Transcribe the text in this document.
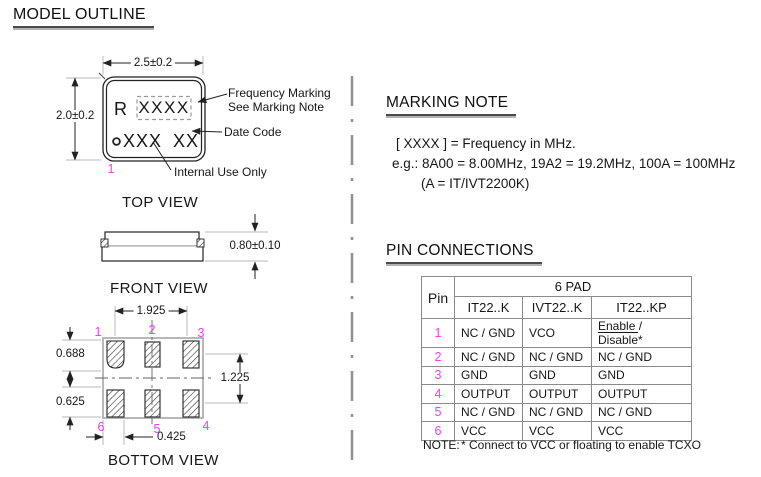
MODEL OUTLINE
2.5±0.2
2.0±0.2 R XXXX
XXX XX
1
Frequency Marking
See Marking Note
Date Code
Internal Use Only
TOP VIEW
0.80±0.10
FRONT VIEW
1.925
0.688
0.625
1.225
0.425
1	2	3
4
5
6
BOTTOM VIEW
MARKING NOTE
[ XXXX ] = Frequency in MHz.
e.g.: 8A00 = 8.00MHz, 19A2 = 19.2MHz, 100A = 100MHz
(A = IT/IVT2200K)
PIN CONNECTIONS
Pin	6 PAD		
	IT22..K	IVT22..K	IT22..KP
1	NC / GND	VCO	Enable / Disable*
2	NC / GND	NC / GND	NC / GND
3	GND	GND	GND
4	OUTPUT	OUTPUT	OUTPUT
5	NC / GND	NC / GND	NC / GND
6	VCC	VCC	VCC
NOTE: * Connect to VCC or floating to enable TCXO
